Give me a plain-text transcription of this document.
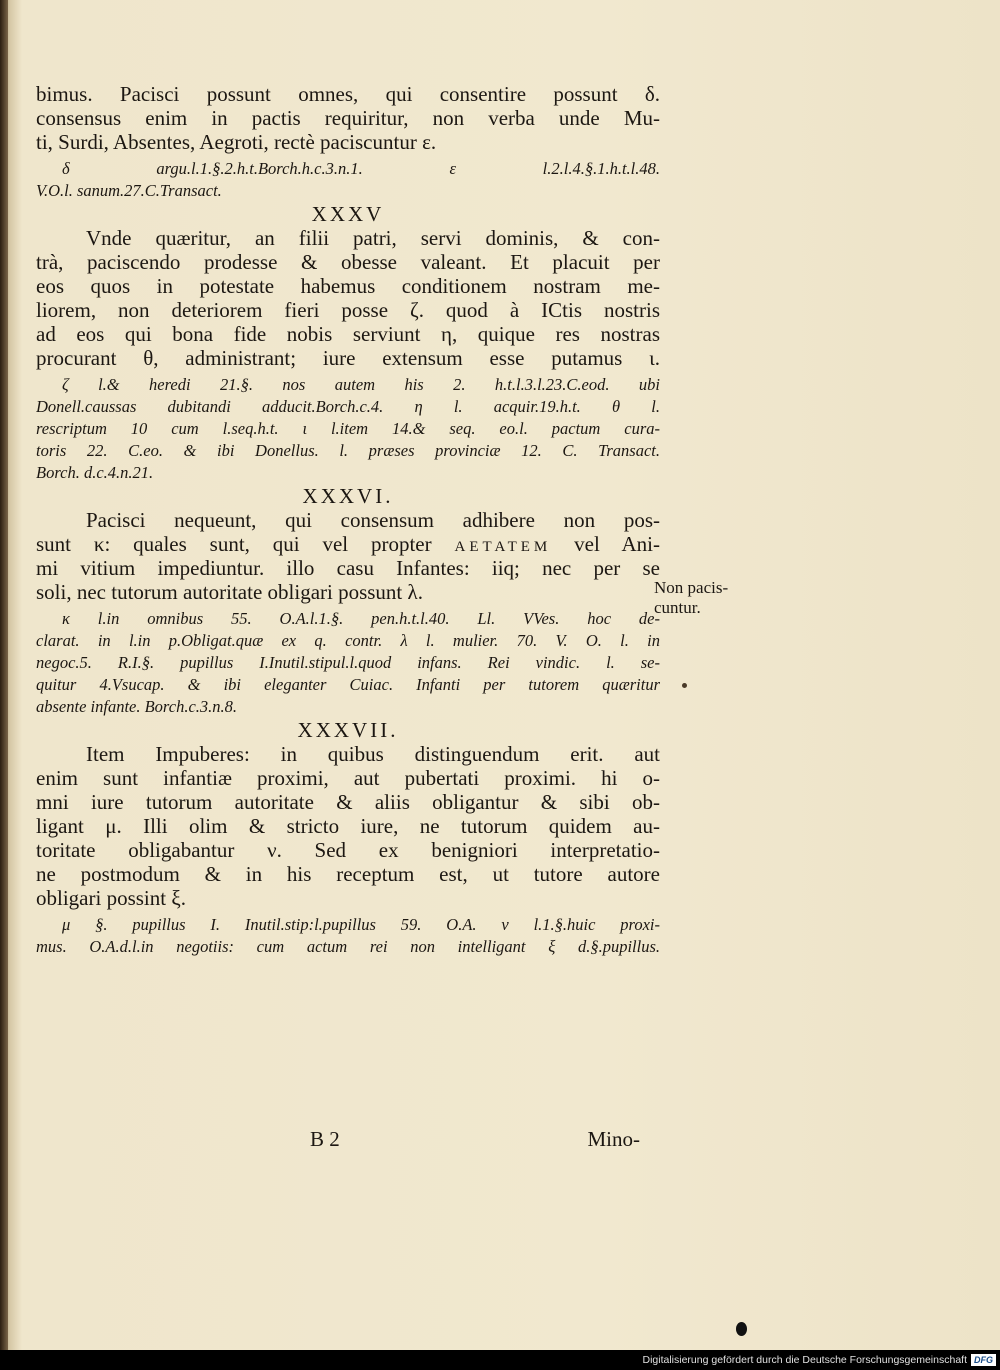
bimus. Pacisci possunt omnes, qui consentire possunt δ.
consensus enim in pactis requiritur, non verba unde Mu-
ti, Surdi, Absentes, Aegroti, rectè paciscuntur ε.
δ argu.l.1.§.2.h.t.Borch.h.c.3.n.1. ε l.2.l.4.§.1.h.t.l.48.
V.O.l. sanum.27.C.Transact.
XXXV
Vnde quæritur, an filii patri, servi dominis, & con-
trà, paciscendo prodesse & obesse valeant. Et placuit per
eos quos in potestate habemus conditionem nostram me-
liorem, non deteriorem fieri posse ζ. quod à ICtis nostris
ad eos qui bona fide nobis serviunt η, quique res nostras
procurant θ, administrant; iure extensum esse putamus ι.
ζ l.& heredi 21.§. nos autem his 2. h.t.l.3.l.23.C.eod. ubi
Donell.caussas dubitandi adducit.Borch.c.4. η l. acquir.19.h.t. θ l.
rescriptum 10 cum l.seq.h.t. ι l.item 14.& seq. eo.l. pactum cura-
toris 22. C.eo. & ibi Donellus. l. præses provinciæ 12. C. Transact.
Borch. d.c.4.n.21.
XXXVI.
Pacisci nequeunt, qui consensum adhibere non pos-
sunt κ: quales sunt, qui vel propter AETATEM vel Ani-
mi vitium impediuntur. illo casu Infantes: iiq; nec per se
soli, nec tutorum autoritate obligari possunt λ.
κ l.in omnibus 55. O.A.l.1.§. pen.h.t.l.40. Ll. VVes. hoc de-
clarat. in l.in p.Obligat.quæ ex q. contr. λ l. mulier. 70. V. O. l. in
negoc.5. R.I.§. pupillus I.Inutil.stipul.l.quod infans. Rei vindic. l. se-
quitur 4.Vsucap. & ibi eleganter Cuiac. Infanti per tutorem quæritur
absente infante. Borch.c.3.n.8.
XXXVII.
Item Impuberes: in quibus distinguendum erit. aut
enim sunt infantiæ proximi, aut pubertati proximi. hi o-
mni iure tutorum autoritate & aliis obligantur & sibi ob-
ligant μ. Illi olim & stricto iure, ne tutorum quidem au-
toritate obligabantur ν. Sed ex benigniori interpretatio-
ne postmodum & in his receptum est, ut tutore autore
obligari possint ξ.
μ §. pupillus I. Inutil.stip:l.pupillus 59. O.A. ν l.1.§.huic proxi-
mus. O.A.d.l.in negotiis: cum actum rei non intelligant ξ d.§.pupillus.
Non pacis-
cuntur.
B 2	Mino-
Digitalisierung gefördert durch die Deutsche Forschungsgemeinschaft DFG
